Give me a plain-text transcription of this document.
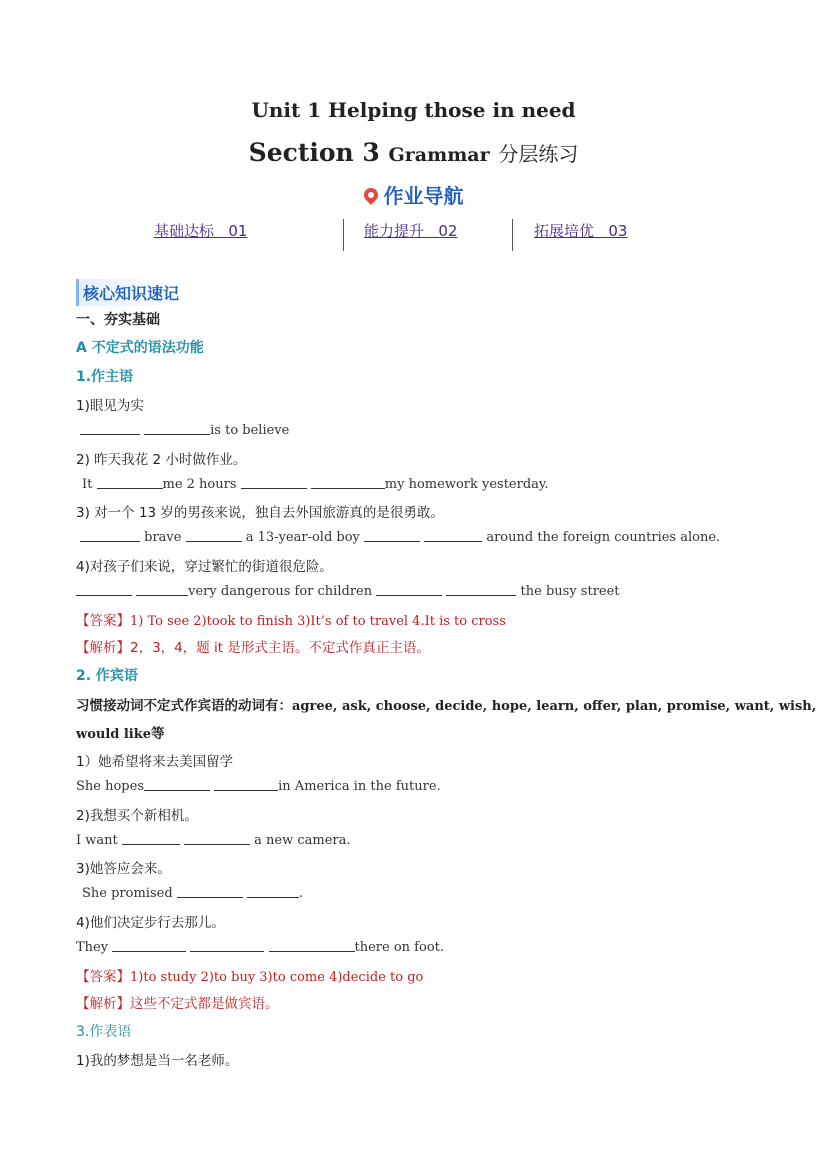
Unit 1 Helping those in need
Section 3 Grammar 分层练习
作业导航
基础达标 01	能力提升 02	拓展培优 03
核心知识速记
一、夯实基础
A 不定式的语法功能
1.作主语
1)眼见为实
is to believe
2) 昨天我花 2 小时做作业。
It	me 2 hours	my homework yesterday.
3) 对一个 13 岁的男孩来说，独自去外国旅游真的是很勇敢。
brave	a 13-year-old boy	around the foreign countries alone.
4)对孩子们来说，穿过繁忙的街道很危险。
very dangerous for children	the busy street
【答案】1) To see 2)took to finish 3)It’s of to travel 4.It is to cross
【解析】2，3，4，题 it 是形式主语。不定式作真正主语。
2. 作宾语
习惯接动词不定式作宾语的动词有：agree, ask, choose, decide, hope, learn, offer, plan, promise, want, wish,
would like等
1）她希望将来去美国留学
She hopes	in America in the future.
2)我想买个新相机。
I want	a new camera.
3)她答应会来。
She promised	.
4)他们决定步行去那儿。
They	there on foot.
【答案】1)to study 2)to buy 3)to come 4)decide to go
【解析】这些不定式都是做宾语。
3.作表语
1)我的梦想是当一名老师。
